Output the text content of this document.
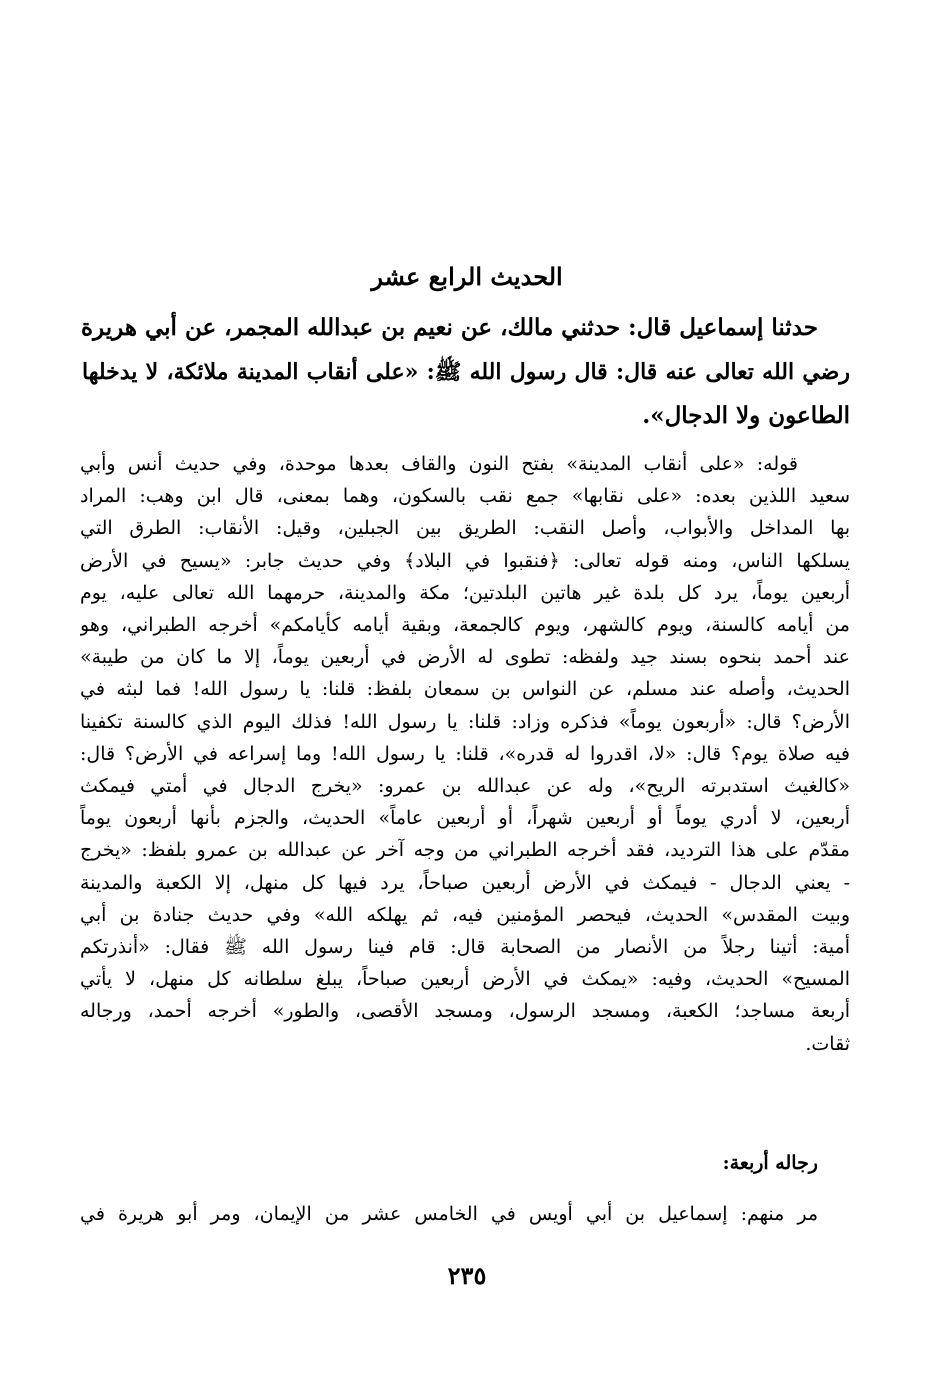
الحديث الرابع عشر
حدثنا إسماعيل قال: حدثني مالك، عن نعيم بن عبدالله المجمر، عن أبي هريرة
رضي الله تعالى عنه قال: قال رسول الله ﷺ: «على أنقاب المدينة ملائكة، لا يدخلها
الطاعون ولا الدجال».
قوله: «على أنقاب المدينة» بفتح النون والقاف بعدها موحدة، وفي حديث أنس وأبي
سعيد اللذين بعده: «على نقابها» جمع نقب بالسكون، وهما بمعنى، قال ابن وهب: المراد
بها المداخل والأبواب، وأصل النقب: الطريق بين الجبلين، وقيل: الأنقاب: الطرق التي
يسلكها الناس، ومنه قوله تعالى: ﴿فنقبوا في البلاد﴾ وفي حديث جابر: «يسيح في الأرض
أربعين يوماً، يرد كل بلدة غير هاتين البلدتين؛ مكة والمدينة، حرمهما الله تعالى عليه، يوم
من أيامه كالسنة، ويوم كالشهر، ويوم كالجمعة، وبقية أيامه كأيامكم» أخرجه الطبراني، وهو
عند أحمد بنحوه بسند جيد ولفظه: تطوى له الأرض في أربعين يوماً، إلا ما كان من طيبة»
الحديث، وأصله عند مسلم، عن النواس بن سمعان بلفظ: قلنا: يا رسول الله! فما لبثه في
الأرض؟ قال: «أربعون يوماً» فذكره وزاد: قلنا: يا رسول الله! فذلك اليوم الذي كالسنة تكفينا
فيه صلاة يوم؟ قال: «لا، اقدروا له قدره»، قلنا: يا رسول الله! وما إسراعه في الأرض؟ قال:
«كالغيث استدبرته الريح»، وله عن عبدالله بن عمرو: «يخرج الدجال في أمتي فيمكث
أربعين، لا أدري يوماً أو أربعين شهراً، أو أربعين عاماً» الحديث، والجزم بأنها أربعون يوماً
مقدّم على هذا الترديد، فقد أخرجه الطبراني من وجه آخر عن عبدالله بن عمرو بلفظ: «يخرج
- يعني الدجال - فيمكث في الأرض أربعين صباحاً، يرد فيها كل منهل، إلا الكعبة والمدينة
وبيت المقدس» الحديث، فيحصر المؤمنين فيه، ثم يهلكه الله» وفي حديث جنادة بن أبي
أمية: أتينا رجلاً من الأنصار من الصحابة قال: قام فينا رسول الله ﷺ فقال: «أنذرتكم
المسيح» الحديث، وفيه: «يمكث في الأرض أربعين صباحاً، يبلغ سلطانه كل منهل، لا يأتي
أربعة مساجد؛ الكعبة، ومسجد الرسول، ومسجد الأقصى، والطور» أخرجه أحمد، ورجاله
ثقات.
رجاله أربعة:
مر منهم: إسماعيل بن أبي أويس في الخامس عشر من الإيمان، ومر أبو هريرة في
٢٣٥
